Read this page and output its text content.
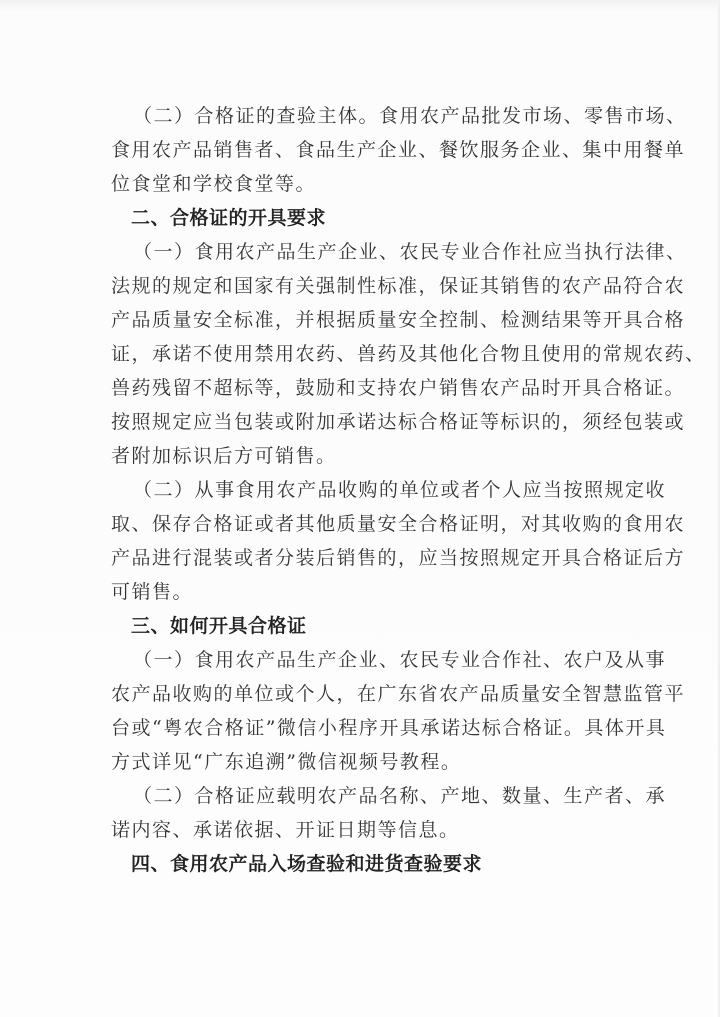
（二）合格证的查验主体。食用农产品批发市场、零售市场、
食用农产品销售者、食品生产企业、餐饮服务企业、集中用餐单
位食堂和学校食堂等。
二、合格证的开具要求
（一）食用农产品生产企业、农民专业合作社应当执行法律、
法规的规定和国家有关强制性标准，保证其销售的农产品符合农
产品质量安全标准，并根据质量安全控制、检测结果等开具合格
证，承诺不使用禁用农药、兽药及其他化合物且使用的常规农药、
兽药残留不超标等，鼓励和支持农户销售农产品时开具合格证。
按照规定应当包装或附加承诺达标合格证等标识的，须经包装或
者附加标识后方可销售。
（二）从事食用农产品收购的单位或者个人应当按照规定收
取、保存合格证或者其他质量安全合格证明，对其收购的食用农
产品进行混装或者分装后销售的，应当按照规定开具合格证后方
可销售。
三、如何开具合格证
（一）食用农产品生产企业、农民专业合作社、农户及从事
农产品收购的单位或个人，在广东省农产品质量安全智慧监管平
台或“粤农合格证”微信小程序开具承诺达标合格证。具体开具
方式详见“广东追溯”微信视频号教程。
（二）合格证应载明农产品名称、产地、数量、生产者、承
诺内容、承诺依据、开证日期等信息。
四、食用农产品入场查验和进货查验要求
